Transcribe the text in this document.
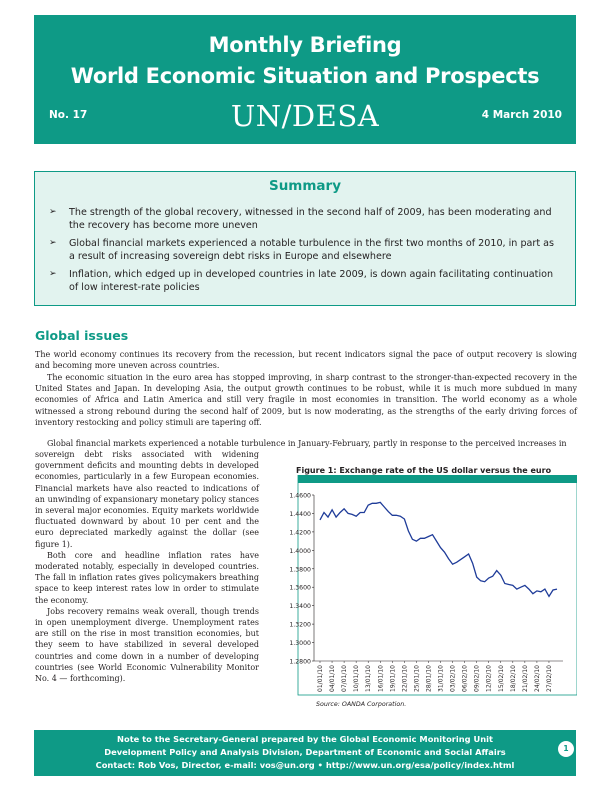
Monthly Briefing
World Economic Situation and Prospects
No. 17	UN/DESA	4 March 2010
Summary
➢ The strength of the global recovery, witnessed in the second half of 2009, has been moderating and the recovery has become more uneven
➢ Global financial markets experienced a notable turbulence in the first two months of 2010, in part as a result of increasing sovereign debt risks in Europe and elsewhere
➢ Inflation, which edged up in developed countries in late 2009, is down again facilitating continuation of low interest-rate policies
Global issues

The world economy continues its recovery from the recession, but recent indicators signal the pace of output recovery is slowing and becoming more uneven across countries.

The economic situation in the euro area has stopped improving, in sharp contrast to the stronger-than-expected recovery in the United States and Japan. In developing Asia, the output growth continues to be robust, while it is much more subdued in many economies of Africa and Latin America and still very fragile in most economies in transition. The world economy as a whole witnessed a strong rebound during the second half of 2009, but is now moderating, as the strengths of the early driving forces of inventory restocking and policy stimuli are tapering off.

Global financial markets experienced a notable turbulence in January-February, partly in response to the perceived increases in

sovereign debt risks associated with widening government deficits and mounting debts in developed economies, particularly in a few European economies. Financial markets have also reacted to indications of an unwinding of expansionary monetary policy stances in several major economies. Equity markets worldwide fluctuated downward by about 10 per cent and the euro depreciated markedly against the dollar (see figure 1).

Both core and headline inflation rates have moderated notably, especially in developed countries. The fall in inflation rates gives policymakers breathing space to keep interest rates low in order to stimulate the economy.

Jobs recovery remains weak overall, though trends in open unemployment diverge. Unemployment rates are still on the rise in most transition economies, but they seem to have stabilized in several developed countries and come down in a number of developing countries (see World Economic Vulnerability Monitor No. 4 — forthcoming).

Figure 1: Exchange rate of the US dollar versus the euro
1.2800
1.3000
1.3200
1.3400
1.3600
1.3800
1.4000
1.4200
1.4400
1.4600
01/01/10 04/01/10 07/01/10 10/01/10 13/01/10 16/01/10 19/01/10 22/01/10 25/01/10 28/01/10 31/01/10 03/02/10 06/02/10 09/02/10 12/02/10 15/02/10 18/02/10 21/02/10 24/02/10 27/02/10
Source: OANDA Corporation.
Note to the Secretary-General prepared by the Global Economic Monitoring Unit
Development Policy and Analysis Division, Department of Economic and Social Affairs
Contact: Rob Vos, Director, e-mail: vos@un.org • http://www.un.org/esa/policy/index.html
1
